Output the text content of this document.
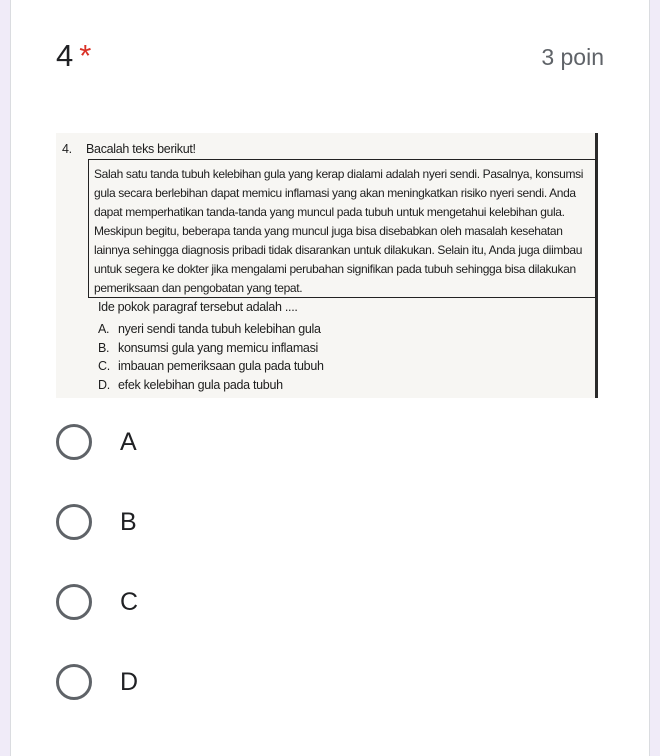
4 *	3 poin
4. Bacalah teks berikut!
Salah satu tanda tubuh kelebihan gula yang kerap dialami adalah nyeri sendi. Pasalnya, konsumsi
gula secara berlebihan dapat memicu inflamasi yang akan meningkatkan risiko nyeri sendi. Anda
dapat memperhatikan tanda-tanda yang muncul pada tubuh untuk mengetahui kelebihan gula.
Meskipun begitu, beberapa tanda yang muncul juga bisa disebabkan oleh masalah kesehatan
lainnya sehingga diagnosis pribadi tidak disarankan untuk dilakukan. Selain itu, Anda juga diimbau
untuk segera ke dokter jika mengalami perubahan signifikan pada tubuh sehingga bisa dilakukan
pemeriksaan dan pengobatan yang tepat.
Ide pokok paragraf tersebut adalah ....
A. nyeri sendi tanda tubuh kelebihan gula
B. konsumsi gula yang memicu inflamasi
C. imbauan pemeriksaan gula pada tubuh
D. efek kelebihan gula pada tubuh
A
B
C
D
